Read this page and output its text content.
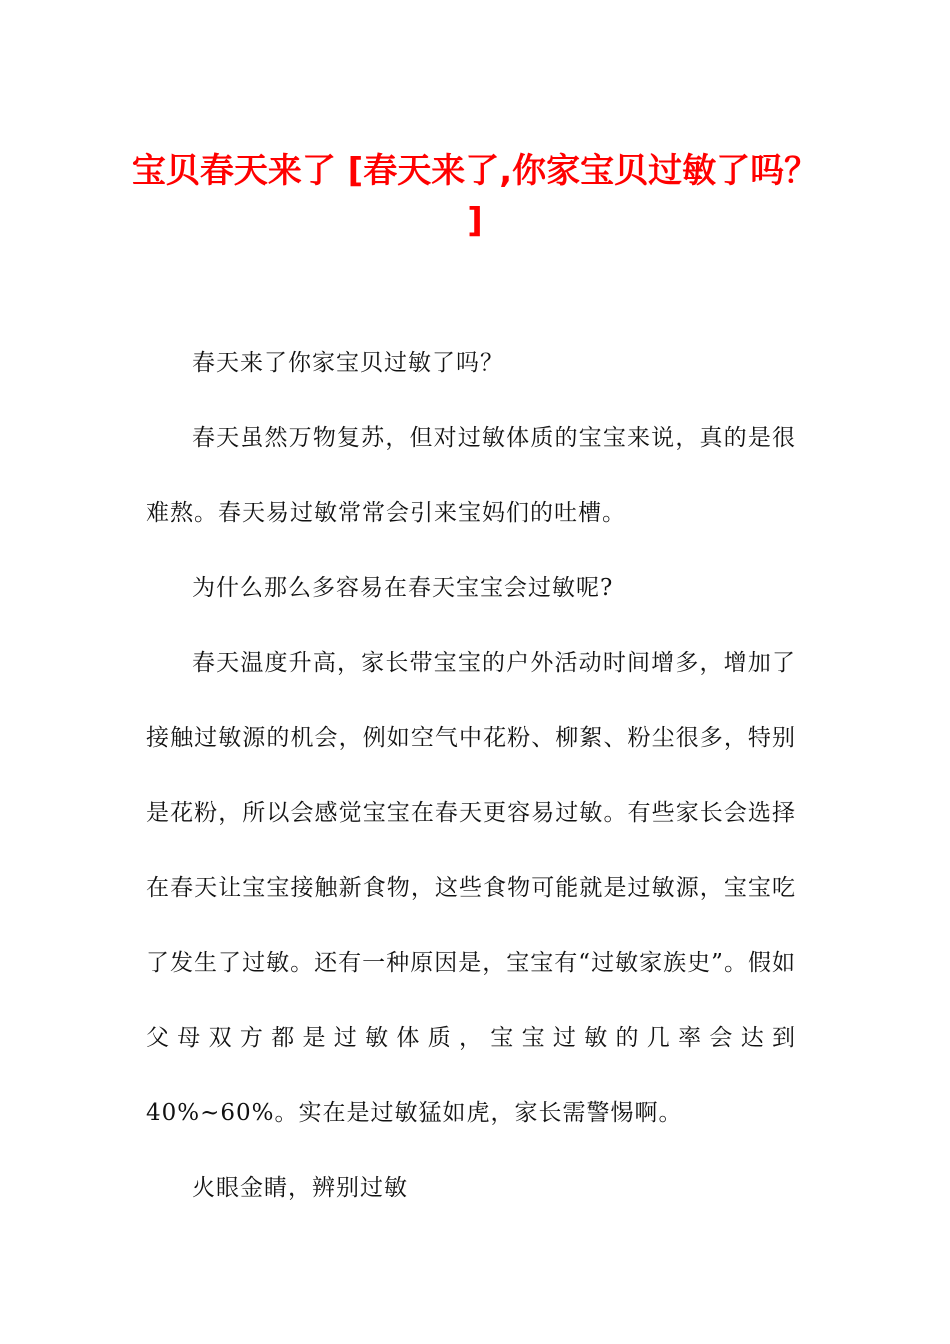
宝贝春天来了 [春天来了,你家宝贝过敏了吗？ ]

春天来了你家宝贝过敏了吗？

春天虽然万物复苏，但对过敏体质的宝宝来说，真的是很难熬。春天易过敏常常会引来宝妈们的吐槽。

为什么那么多容易在春天宝宝会过敏呢?

春天温度升高，家长带宝宝的户外活动时间增多，增加了接触过敏源的机会，例如空气中花粉、柳絮、粉尘很多，特别是花粉，所以会感觉宝宝在春天更容易过敏。有些家长会选择在春天让宝宝接触新食物，这些食物可能就是过敏源，宝宝吃了发生了过敏。还有一种原因是，宝宝有“过敏家族史”。假如父母双方都是过敏体质，宝宝过敏的几率会达到40%~60%。实在是过敏猛如虎，家长需警惕啊。

火眼金睛，辨别过敏
